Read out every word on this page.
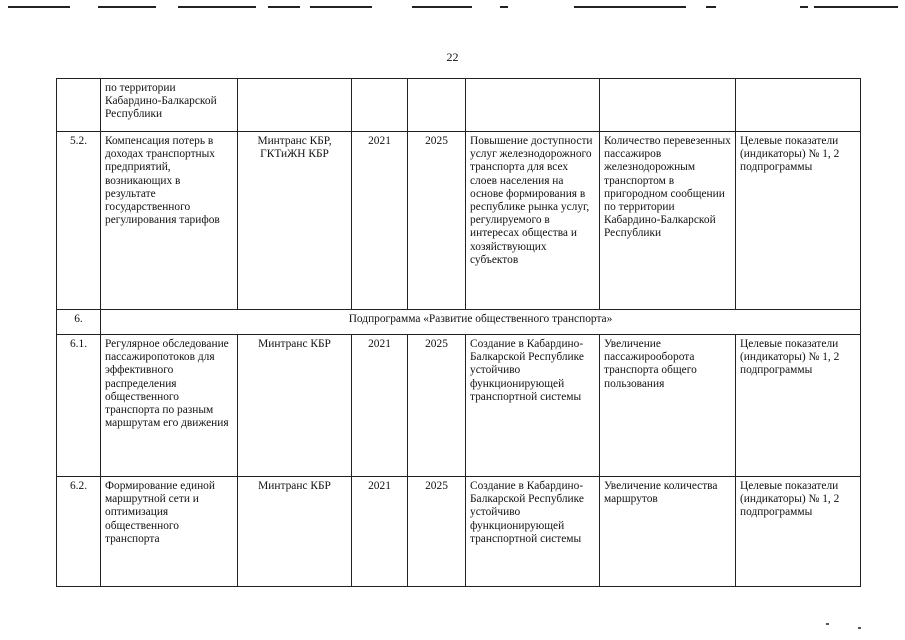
22
	по территории Кабардино-Балкарской Республики						
5.2.	Компенсация потерь в доходах транспортных предприятий, возникающих в результате государственного регулирования тарифов	Минтранс КБР, ГКТиЖН КБР	2021	2025	Повышение доступности услуг железнодорожного транспорта для всех слоев населения на основе формирования в республике рынка услуг, регулируемого в интересах общества и хозяйствующих субъектов	Количество перевезенных пассажиров железнодорожным транспортом в пригородном сообщении по территории Кабардино-Балкарской Республики	Целевые показатели (индикаторы) № 1, 2 подпрограммы
6.	Подпрограмма «Развитие общественного транспорта»						
6.1.	Регулярное обследование пассажиропотоков для эффективного распределения общественного транспорта по разным маршрутам его движения	Минтранс КБР	2021	2025	Создание в Кабардино-Балкарской Республике устойчиво функционирующей транспортной системы	Увеличение пассажирооборота транспорта общего пользования	Целевые показатели (индикаторы) № 1, 2 подпрограммы
6.2.	Формирование единой маршрутной сети и оптимизация общественного транспорта	Минтранс КБР	2021	2025	Создание в Кабардино-Балкарской Республике устойчиво функционирующей транспортной системы	Увеличение количества маршрутов	Целевые показатели (индикаторы) № 1, 2 подпрограммы
